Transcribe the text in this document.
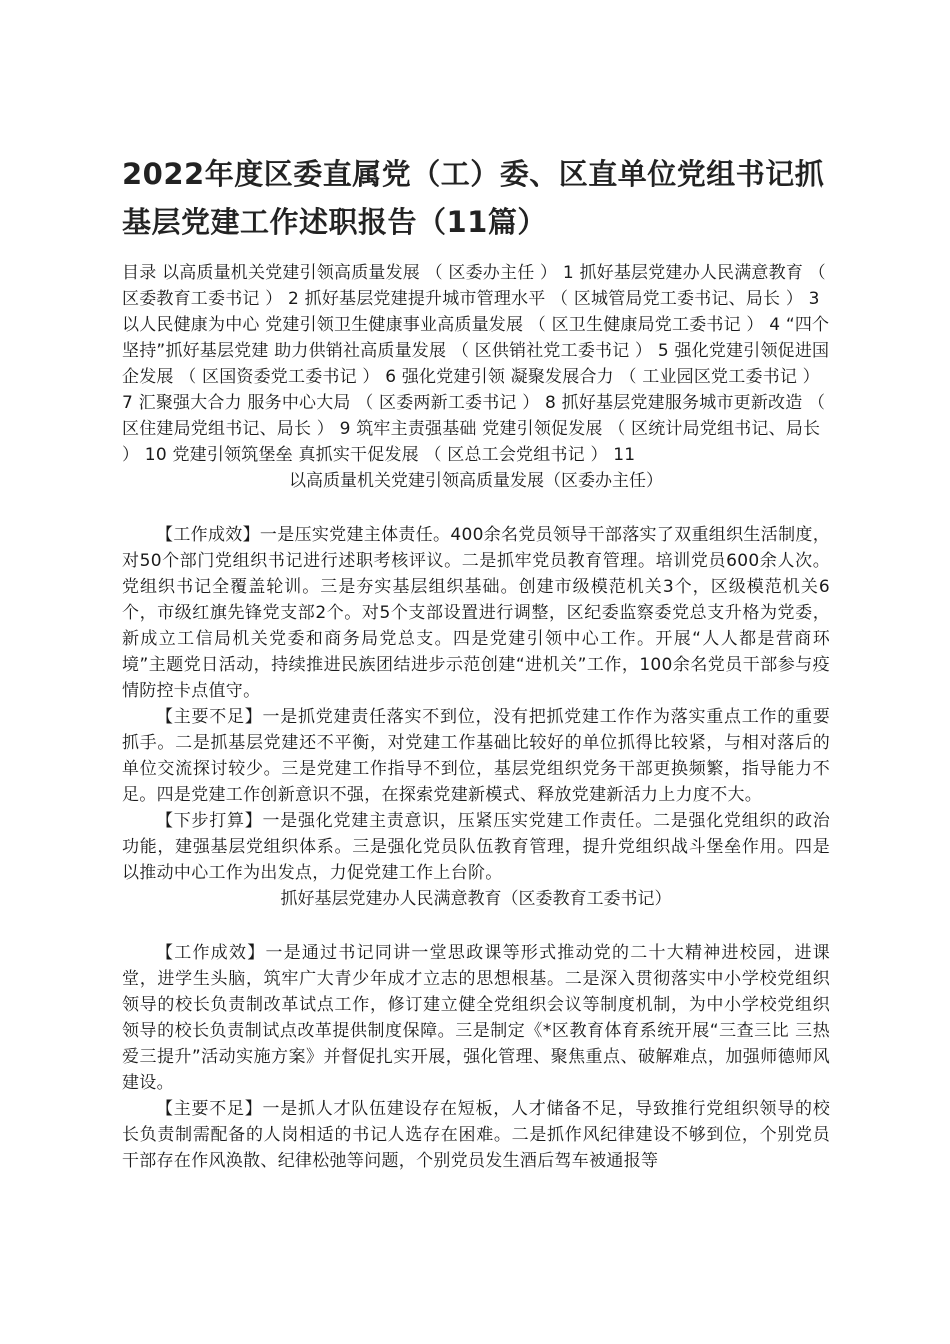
2022年度区委直属党（工）委、区直单位党组书记抓基层党建工作述职报告（11篇）

目录 以高质量机关党建引领高质量发展 （ 区委办主任 ） 1 抓好基层党建办人民满意教育 （ 区委教育工委书记 ） 2 抓好基层党建提升城市管理水平 （ 区城管局党工委书记、局长 ） 3 以人民健康为中心 党建引领卫生健康事业高质量发展 （ 区卫生健康局党工委书记 ） 4 “四个坚持”抓好基层党建 助力供销社高质量发展 （ 区供销社党工委书记 ） 5 强化党建引领促进国企发展 （ 区国资委党工委书记 ） 6 强化党建引领 凝聚发展合力 （ 工业园区党工委书记 ） 7 汇聚强大合力 服务中心大局 （ 区委两新工委书记 ） 8 抓好基层党建服务城市更新改造 （ 区住建局党组书记、局长 ） 9 筑牢主责强基础 党建引领促发展 （ 区统计局党组书记、局长 ） 10 党建引领筑堡垒 真抓实干促发展 （ 区总工会党组书记 ） 11

以高质量机关党建引领高质量发展（区委办主任）

【工作成效】一是压实党建主体责任。400余名党员领导干部落实了双重组织生活制度，对50个部门党组织书记进行述职考核评议。二是抓牢党员教育管理。培训党员600余人次。党组织书记全覆盖轮训。三是夯实基层组织基础。创建市级模范机关3个，区级模范机关6个，市级红旗先锋党支部2个。对5个支部设置进行调整，区纪委监察委党总支升格为党委，新成立工信局机关党委和商务局党总支。四是党建引领中心工作。开展“人人都是营商环境”主题党日活动，持续推进民族团结进步示范创建“进机关”工作，100余名党员干部参与疫情防控卡点值守。

【主要不足】一是抓党建责任落实不到位，没有把抓党建工作作为落实重点工作的重要抓手。二是抓基层党建还不平衡，对党建工作基础比较好的单位抓得比较紧，与相对落后的单位交流探讨较少。三是党建工作指导不到位，基层党组织党务干部更换频繁，指导能力不足。四是党建工作创新意识不强，在探索党建新模式、释放党建新活力上力度不大。

【下步打算】一是强化党建主责意识，压紧压实党建工作责任。二是强化党组织的政治功能，建强基层党组织体系。三是强化党员队伍教育管理，提升党组织战斗堡垒作用。四是以推动中心工作为出发点，力促党建工作上台阶。

抓好基层党建办人民满意教育（区委教育工委书记）

【工作成效】一是通过书记同讲一堂思政课等形式推动党的二十大精神进校园，进课堂，进学生头脑，筑牢广大青少年成才立志的思想根基。二是深入贯彻落实中小学校党组织领导的校长负责制改革试点工作，修订建立健全党组织会议等制度机制，为中小学校党组织领导的校长负责制试点改革提供制度保障。三是制定《*区教育体育系统开展“三查三比 三热爱三提升”活动实施方案》并督促扎实开展，强化管理、聚焦重点、破解难点，加强师德师风建设。

【主要不足】一是抓人才队伍建设存在短板，人才储备不足，导致推行党组织领导的校长负责制需配备的人岗相适的书记人选存在困难。二是抓作风纪律建设不够到位，个别党员干部存在作风涣散、纪律松弛等问题，个别党员发生酒后驾车被通报等
